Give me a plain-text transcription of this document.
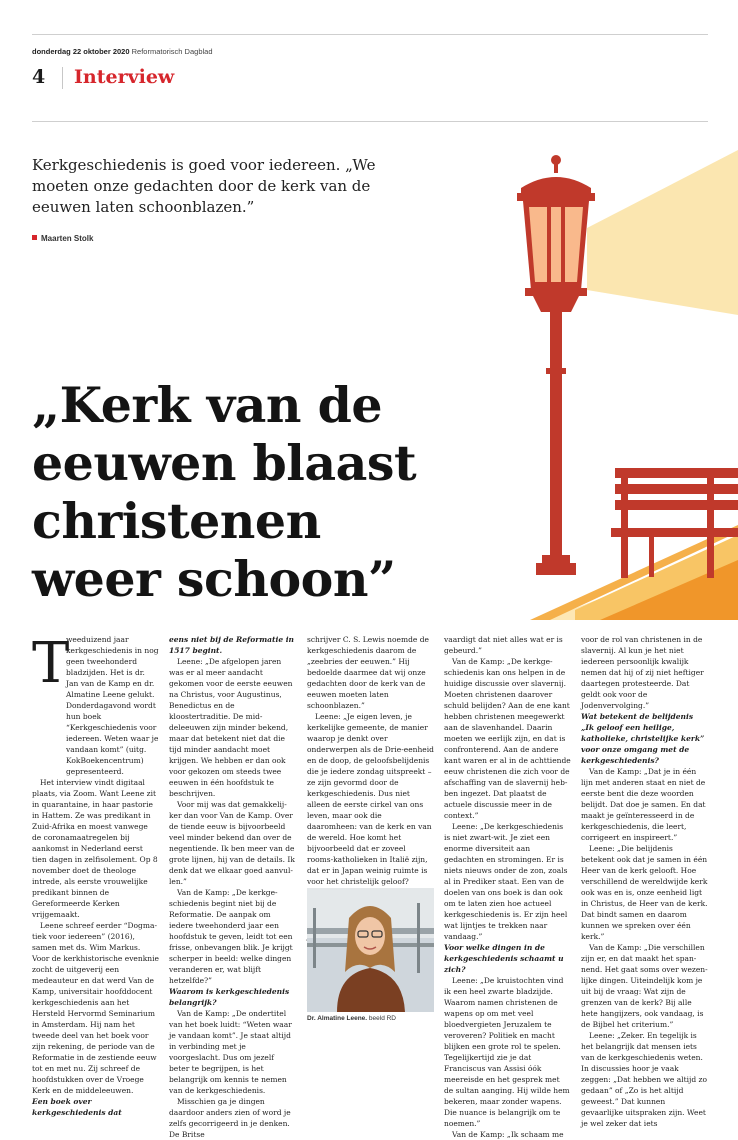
donderdag 22 oktober 2020 Reformatorisch Dagblad
4 Interview
Kerkgeschiedenis is goed voor iedereen. „We moeten onze gedachten door de kerk van de eeuwen laten schoonblazen.”
Maarten Stolk
„Kerk van de
eeuwen blaast
christenen
weer schoon”
T

weeduizend jaar kerkgeschiedenis in nog geen tweehonderd bladzijden. Het is dr. Jan van de Kamp en dr. Almatine Leene gelukt. Donderdagavond wordt hun boek “Kerkgeschiedenis voor iedereen. Weten waar je vandaan komt” (uitg. KokBoekencentrum) gepresenteerd.

Het interview vindt digitaal plaats, via Zoom. Want Leene zit in quarantaine, in haar pastorie in Hattem. Ze was predikant in Zuid-Afrika en moest vanwege de coronamaatregelen bij aankomst in Nederland eerst tien dagen in zelfisolement. Op 8 november doet de theologe intrede, als eerste vrouwelijke predikant binnen de Gereformeerde Kerken vrijgemaakt.

Leene schreef eerder “Dogmatiek voor iedereen” (2016), samen met ds. Wim Markus. Voor de kerkhistorische evenknie zocht de uitgeverij een medeauteur en dat werd Van de Kamp, universitair hoofddocent kerkgeschiedenis aan het Hersteld Hervormd Seminarium in Amsterdam. Hij nam het tweede deel van het boek voor zijn rekening, de periode van de Reformatie in de zestiende eeuw tot en met nu. Zij schreef de hoofdstukken over de Vroege Kerk en de middeleeuwen.

Een boek over kerkgeschiedenis dat

eens niet bij de Reformatie in 1517 begint.

Leene: „De afgelopen jaren was er al meer aandacht gekomen voor de eerste eeuwen na Christus, voor Augustinus, Benedictus en de kloostertraditie. De middeleeuwen zijn minder bekend, maar dat betekent niet dat die tijd minder aandacht moet krijgen. We hebben er dan ook voor gekozen om steeds twee eeuwen in één hoofdstuk te beschrijven.

Voor mij was dat gemakkelijker dan voor Van de Kamp. Over de tiende eeuw is bijvoorbeeld veel minder bekend dan over de negentiende. Ik ben meer van de grote lijnen, hij van de details. Ik denk dat we elkaar goed aanvullen.”

Van de Kamp: „De kerkgeschiedenis begint niet bij de Reformatie. De aanpak om iedere tweehonderd jaar een hoofdstuk te geven, leidt tot een frisse, onbevangen blik. Je krijgt scherper in beeld: welke dingen veranderen er, wat blijft hetzelfde?”

Waarom is kerkgeschiedenis belangrijk?

Van de Kamp: „De ondertitel van het boek luidt: “Weten waar je vandaan komt”. Je staat altijd in verbinding met je voorgeslacht. Dus om jezelf beter te begrijpen, is het belangrijk om kennis te nemen van de kerkgeschiedenis.

Misschien ga je dingen daardoor anders zien of word je zelfs gecorrigeerd in je denken. De Britse

schrijver C. S. Lewis noemde de kerkgeschiedenis daarom de „zeebries der eeuwen.” Hij bedoelde daarmee dat wij onze gedachten door de kerk van de eeuwen moeten laten schoonblazen.”

Leene: „Je eigen leven, je kerkelijke gemeente, de manier waarop je denkt over onderwerpen als de Drie-eenheid en de doop, de geloofsbelijdenis die je iedere zondag uitspreekt – ze zijn gevormd door de kerkgeschiedenis. Dus niet alleen de eerste cirkel van ons leven, maar ook die daaromheen: van de kerk en van de wereld. Hoe komt het bijvoorbeeld dat er zoveel rooms-katholieken in Italië zijn, dat er in Japan weinig ruimte is voor het christelijk geloof?

Dr. Almatine Leene. beeld RD

vaardigt dat niet alles wat er is gebeurd.”

Van de Kamp: „De kerkgeschiedenis kan ons helpen in de huidige discussie over slavernij. Moeten christenen daarover schuld belijden? Aan de ene kant hebben christenen meegewerkt aan de slavenhandel. Daarin moeten we eerlijk zijn, en dat is confronterend. Aan de andere kant waren er al in de achttiende eeuw christenen die zich voor de afschaffing van de slavernij hebben ingezet. Dat plaatst de actuele discussie meer in de context.”

Leene: „De kerkgeschiedenis is niet zwart-wit. Je ziet een enorme diversiteit aan gedachten en stromingen. Er is niets nieuws onder de zon, zoals al in Prediker staat. Een van de doelen van ons boek is dan ook om te laten zien hoe actueel kerkgeschiedenis is. Er zijn heel wat lijntjes te trekken naar vandaag.”

Voor welke dingen in de kerkgeschiedenis schaamt u zich?

Leene: „De kruistochten vind ik een heel zwarte bladzijde. Waarom namen christenen de wapens op om met veel bloedvergieten Jeruzalem te veroveren? Politiek en macht blijken een grote rol te spelen. Tegelijkertijd zie je dat Franciscus van Assisi óók meereisde en het gesprek met de sultan aanging. Hij wilde hem bekeren, maar zonder wapens. Die nuance is belangrijk om te noemen.”

Van de Kamp: „Ik schaam me

voor de rol van christenen in de slavernij. Al kun je het niet iedereen persoonlijk kwalijk nemen dat hij of zij niet heftiger daartegen protesteerde. Dat geldt ook voor de Jodenvervolging.”

Wat betekent de belijdenis „Ik geloof een heilige, katholieke, christelijke kerk” voor onze omgang met de kerkgeschiedenis?

Van de Kamp: „Dat je in één lijn met anderen staat en niet de eerste bent die deze woorden belijdt. Dat doe je samen. En dat maakt je geïnteresseerd in de kerkgeschiedenis, die leert, corrigeert en inspireert.”

Leene: „Die belijdenis betekent ook dat je samen in één Heer van de kerk gelooft. Hoe verschillend de wereldwijde kerk ook was en is, onze eenheid ligt in Christus, de Heer van de kerk. Dat bindt samen en daarom kunnen we spreken over één kerk.”

Van de Kamp: „Die verschillen zijn er, en dat maakt het spannend. Het gaat soms over wezenlijke dingen. Uiteindelijk kom je uit bij de vraag: Wat zijn de grenzen van de kerk? Bij alle hete hangijzers, ook vandaag, is de Bijbel het criterium.”

Leene: „Zeker. En tegelijk is het belangrijk dat mensen iets van de kerkgeschiedenis weten. In discussies hoor je vaak zeggen: „Dat hebben we altijd zo gedaan” of „Zo is het altijd geweest.” Dat kunnen gevaarlijke uitspraken zijn. Weet je wel zeker dat iets
